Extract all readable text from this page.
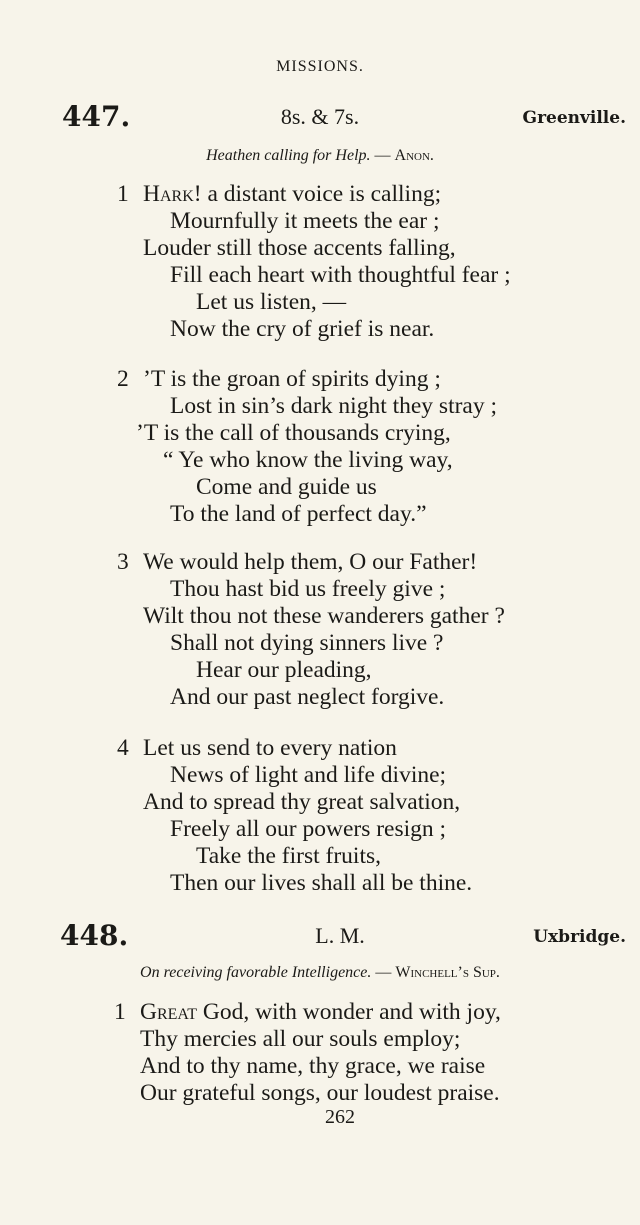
MISSIONS.
447.	8s. & 7s.	Greenville.
Heathen calling for Help. — Anon.
1 Hark! a distant voice is calling;
Mournfully it meets the ear ;
Louder still those accents falling,
Fill each heart with thoughtful fear ;
Let us listen, —
Now the cry of grief is near.
2 ’T is the groan of spirits dying ;
Lost in sin’s dark night they stray ;
’T is the call of thousands crying,
“ Ye who know the living way,
Come and guide us
To the land of perfect day.”
3 We would help them, O our Father!
Thou hast bid us freely give ;
Wilt thou not these wanderers gather ?
Shall not dying sinners live ?
Hear our pleading,
And our past neglect forgive.
4 Let us send to every nation
News of light and life divine;
And to spread thy great salvation,
Freely all our powers resign ;
Take the first fruits,
Then our lives shall all be thine.
448.	L. M.	Uxbridge.
On receiving favorable Intelligence. — Winchell’s Sup.
1 Great God, with wonder and with joy,
Thy mercies all our souls employ;
And to thy name, thy grace, we raise
Our grateful songs, our loudest praise.
262
